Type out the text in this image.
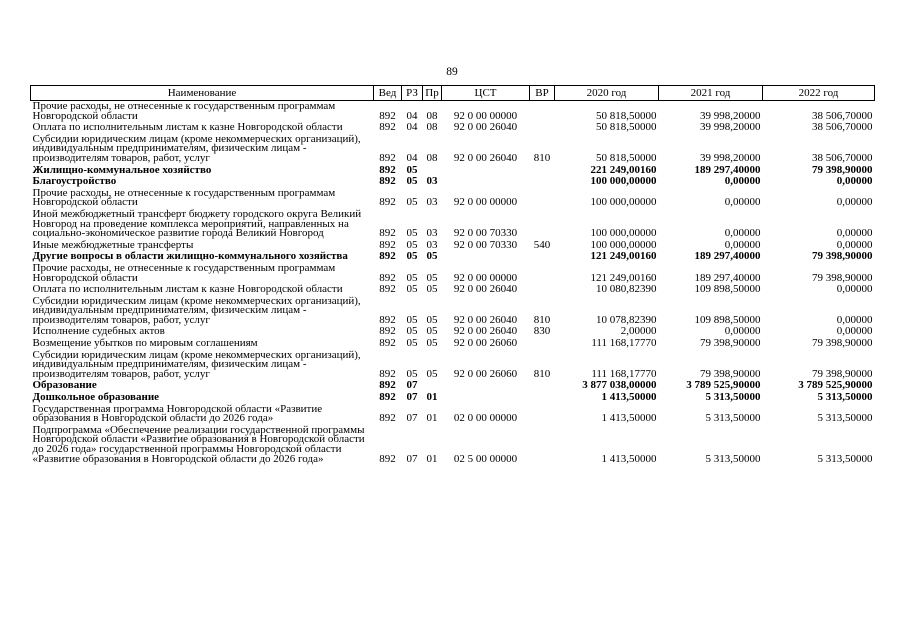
89
Наименование	Вед	РЗ	Пр	ЦСТ	ВР	2020 год	2021 год	2022 год
Прочие расходы, не отнесенные к государственным программам Новгородской области	892	04	08	92 0 00 00000		50 818,50000	39 998,20000	38 506,70000
Оплата по исполнительным листам к казне Новгородской области	892	04	08	92 0 00 26040		50 818,50000	39 998,20000	38 506,70000
Субсидии юридическим лицам (кроме некоммерческих организаций), индивидуальным предпринимателям, физическим лицам - производителям товаров, работ, услуг	892	04	08	92 0 00 26040	810	50 818,50000	39 998,20000	38 506,70000
Жилищно-коммунальное хозяйство	892	05				221 249,00160	189 297,40000	79 398,90000
Благоустройство	892	05	03			100 000,00000	0,00000	0,00000
Прочие расходы, не отнесенные к государственным программам Новгородской области	892	05	03	92 0 00 00000		100 000,00000	0,00000	0,00000
Иной межбюджетный трансферт бюджету городского округа Великий Новгород на проведение комплекса мероприятий, направленных на социально-экономическое развитие города Великий Новгород	892	05	03	92 0 00 70330		100 000,00000	0,00000	0,00000
Иные межбюджетные трансферты	892	05	03	92 0 00 70330	540	100 000,00000	0,00000	0,00000
Другие вопросы в области жилищно-коммунального хозяйства	892	05	05			121 249,00160	189 297,40000	79 398,90000
Прочие расходы, не отнесенные к государственным программам Новгородской области	892	05	05	92 0 00 00000		121 249,00160	189 297,40000	79 398,90000
Оплата по исполнительным листам к казне Новгородской области	892	05	05	92 0 00 26040		10 080,82390	109 898,50000	0,00000
Субсидии юридическим лицам (кроме некоммерческих организаций), индивидуальным предпринимателям, физическим лицам - производителям товаров, работ, услуг	892	05	05	92 0 00 26040	810	10 078,82390	109 898,50000	0,00000
Исполнение судебных актов	892	05	05	92 0 00 26040	830	2,00000	0,00000	0,00000
Возмещение убытков по мировым соглашениям	892	05	05	92 0 00 26060		111 168,17770	79 398,90000	79 398,90000
Субсидии юридическим лицам (кроме некоммерческих организаций), индивидуальным предпринимателям, физическим лицам - производителям товаров, работ, услуг	892	05	05	92 0 00 26060	810	111 168,17770	79 398,90000	79 398,90000
Образование	892	07				3 877 038,00000	3 789 525,90000	3 789 525,90000
Дошкольное образование	892	07	01			1 413,50000	5 313,50000	5 313,50000
Государственная программа Новгородской области «Развитие образования в Новгородской области до 2026 года»	892	07	01	02 0 00 00000		1 413,50000	5 313,50000	5 313,50000
Подпрограмма «Обеспечение реализации государственной программы Новгородской области «Развитие образования в Новгородской области до 2026 года» государственной программы Новгородской области «Развитие образования в Новгородской области до 2026 года»	892	07	01	02 5 00 00000		1 413,50000	5 313,50000	5 313,50000
